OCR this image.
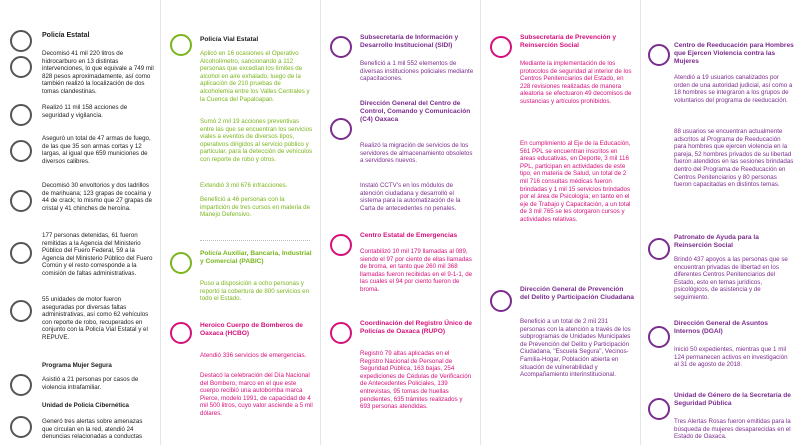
Policía Estatal
Decomisó 41 mil 220 litros de hidrocarburo en 13 distintas intervenciones, lo que equivale a 749 mil 828 pesos aproximadamente, así como también realizó la localización de dos tomas clandestinas.
Realizó 11 mil 158 acciones de seguridad y vigilancia.
Aseguró un total de 47 armas de fuego, de las que 35 son armas cortas y 12 largas, al igual que 659 municiones de diversos calibres.
Decomisó 30 envoltorios y dos ladrillos de marihuana; 123 grapas de cocaína y 44 de crack; lo mismo que 27 grapas de cristal y 41 chinches de heroína.
177 personas detenidas, 61 fueron remitidas a la Agencia del Ministerio Público del Fuero Federal, 59 a la Agencia del Ministerio Público del Fuero Común y el resto corresponde a la comisión de faltas administrativas.
55 unidades de motor fueron aseguradas por diversas faltas administrativas, así como 62 vehículos con reporte de robo, recuperados en conjunto con la Policía Vial Estatal y el REPUVE.
Programa Mujer Segura
Asistió a 21 personas por casos de violencia intrafamiliar.
Unidad de Policía Cibernética
Generó tres alertas sobre amenazas que circulan en la red, atendió 24 denuncias relacionadas a conductas
Policía Vial Estatal
Aplicó en 16 ocasiones el Operativo Alcoholímetro, sancionando a 112 personas que excedían los límites de alcohol en aire exhalado, luego de la aplicación de 210 pruebas de alcoholemia entre los Valles Centrales y la Cuenca del Papaloapan.
Sumó 2 mil 19 acciones preventivas entre las que se encuentran los servicios viales a eventos de diversos tipos, operativos dirigidos al servicio público y particular, para la detección de vehículos con reporte de robo y otros.
Extendió 3 mil 676 infracciones.
Benefició a 46 personas con la impartición de tres cursos en materia de Manejo Defensivo.
Policía Auxiliar, Bancaria, Industrial y Comercial (PABIC)
Puso a disposición a ocho personas y reportó la cobertura de 800 servicios en todo el Estado.
Heroico Cuerpo de Bomberos de Oaxaca (HCBO)
Atendió 336 servicios de emergencias.
Destacó la celebración del Día Nacional del Bombero, marco en el que este cuerpo recibió una autobomba marca Pierce, modelo 1991, de capacidad de 4 mil 500 litros, cuyo valor asciende a 5 mil dólares.
Subsecretaría de Información y Desarrollo Institucional (SIDI)
Benefició a 1 mil 552 elementos de diversas instituciones policiales mediante capacitaciones.
Dirección General del Centro de Control, Comando y Comunicación (C4) Oaxaca
Realizó la migración de servicios de los servidores de almacenamiento obsoletos a servidores nuevos.
Instaló CCTV's en los módulos de atención ciudadana y desarrolló el sistema para la automatización de la Carta de antecedentes no penales.
Centro Estatal de Emergencias
Contabilizó 10 mil 179 llamadas al 089, siendo el 97 por ciento de ellas llamadas de broma, en tanto que 260 mil 368 llamadas fueron recibidas en el 9-1-1, de las cuales el 94 por ciento fueron de broma.
Coordinación del Registro Único de Policías de Oaxaca (RUPO)
Registró 79 altas aplicadas en el Registro Nacional de Personal de Seguridad Pública, 163 bajas, 254 expediciones de Cédulas de Verificación de Antecedentes Policiales, 139 entrevistas, 95 tomas de huellas pendientes, 635 trámites realizados y 693 personas atendidas.
Subsecretaría de Prevención y Reinserción Social
Mediante la implementación de los protocolos de seguridad al interior de los Centros Penitenciarios del Estado, en 228 revisiones realizadas de manera aleatoria se efectuaron 49 decomisos de sustancias y artículos prohibidos.
En cumplimiento al Eje de la Educación, 561 PPL se encuentran inscritos en áreas educativas, en Deporte, 3 mil 116 PPL, participan en actividades de este tipo; en materia de Salud, un total de 2 mil 716 consultas médicas fueron brindadas y 1 mil 15 servicios brindados por el área de Psicología; en tanto en el eje de Trabajo y Capacitación, a un total de 3 mil 765 se les otorgaron cursos y actividades relativas.
Dirección General de Prevención del Delito y Participación Ciudadana
Benefició a un total de 2 mil 231 personas con la atención a través de los subprogramas de Unidades Municipales de Prevención del Delito y Participación Ciudadana, "Escuela Segura", Vecinos-Familia-Hogar, Población abierta en situación de vulnerabilidad y Acompañamiento interinstitucional.
Centro de Reeducación para Hombres que Ejercen Violencia contra las Mujeres
Atendió a 19 usuarios canalizados por orden de una autoridad judicial, así como a 18 hombres se integraron a los grupos de voluntarios del programa de reeducación.
88 usuarios se encuentran actualmente adscritos al Programa de Reeducación para hombres que ejercen violencia en la pareja, 52 hombres privados de su libertad fueron atendidos en las sesiones brindadas dentro del Programa de Reeducación en Centros Penitenciarios y 80 personas fueron capacitadas en distintos temas.
Patronato de Ayuda para la Reinserción Social
Brindó 437 apoyos a las personas que se encuentran privadas de libertad en los diferentes Centros Penitenciarios del Estado, esto en temas jurídicos, psicológicos, de asistencia y de seguimiento.
Dirección General de Asuntos Internos (DGAI)
Inició 50 expedientes, mientras que 1 mil 124 permanecen activos en investigación al 31 de agosto de 2018.
Unidad de Género de la Secretaría de Seguridad Pública
Tres Alertas Rosas fueron emitidas para la búsqueda de mujeres desaparecidas en el Estado de Oaxaca.
